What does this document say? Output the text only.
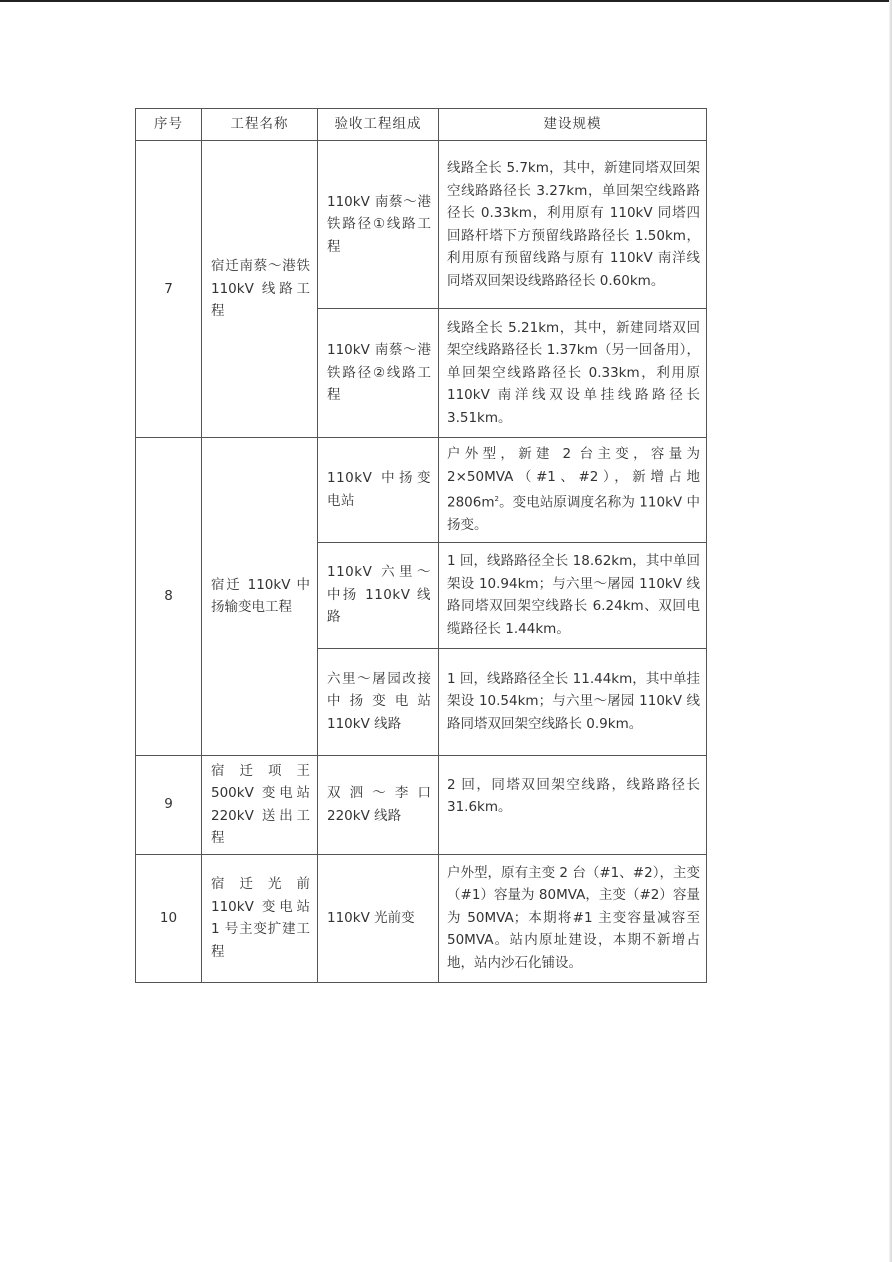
序号	工程名称	验收工程组成	建设规模
7	宿迁南蔡～港铁 110kV 线路工程	110kV 南蔡～港铁路径①线路工程	线路全长 5.7km，其中，新建同塔双回架空线路路径长 3.27km，单回架空线路路径长 0.33km，利用原有 110kV 同塔四回路杆塔下方预留线路路径长 1.50km，利用原有预留线路与原有 110kV 南洋线同塔双回架设线路路径长 0.60km。
		110kV 南蔡～港铁路径②线路工程	线路全长 5.21km，其中，新建同塔双回架空线路路径长 1.37km（另一回备用），单回架空线路路径长 0.33km，利用原 110kV 南洋线双设单挂线路路径长 3.51km。
8	宿迁 110kV 中扬输变电工程	110kV 中扬变电站	户外型，新建 2 台主变，容量为 2×50MVA（#1、#2），新增占地 $2806m^2$。变电站原调度名称为 110kV 中扬变。
		110kV 六里～中扬 110kV 线路	1 回，线路路径全长 18.62km，其中单回架设 10.94km；与六里～屠园 110kV 线路同塔双回架空线路长 6.24km、双回电缆路径长 1.44km。
		六里～屠园改接中扬变电站 110kV 线路	1 回，线路路径全长 11.44km，其中单挂架设 10.54km；与六里～屠园 110kV 线路同塔双回架空线路长 0.9km。
9	宿迁项王 500kV 变电站 220kV 送出工程	双泗～李口 220kV 线路	2 回，同塔双回架空线路，线路路径长 31.6km。
10	宿迁光前 110kV 变电站 1 号主变扩建工程	110kV 光前变	户外型，原有主变 2 台（#1、#2），主变（#1）容量为 80MVA，主变（#2）容量为 50MVA；本期将#1 主变容量减容至 50MVA。站内原址建设，本期不新增占地，站内沙石化铺设。
